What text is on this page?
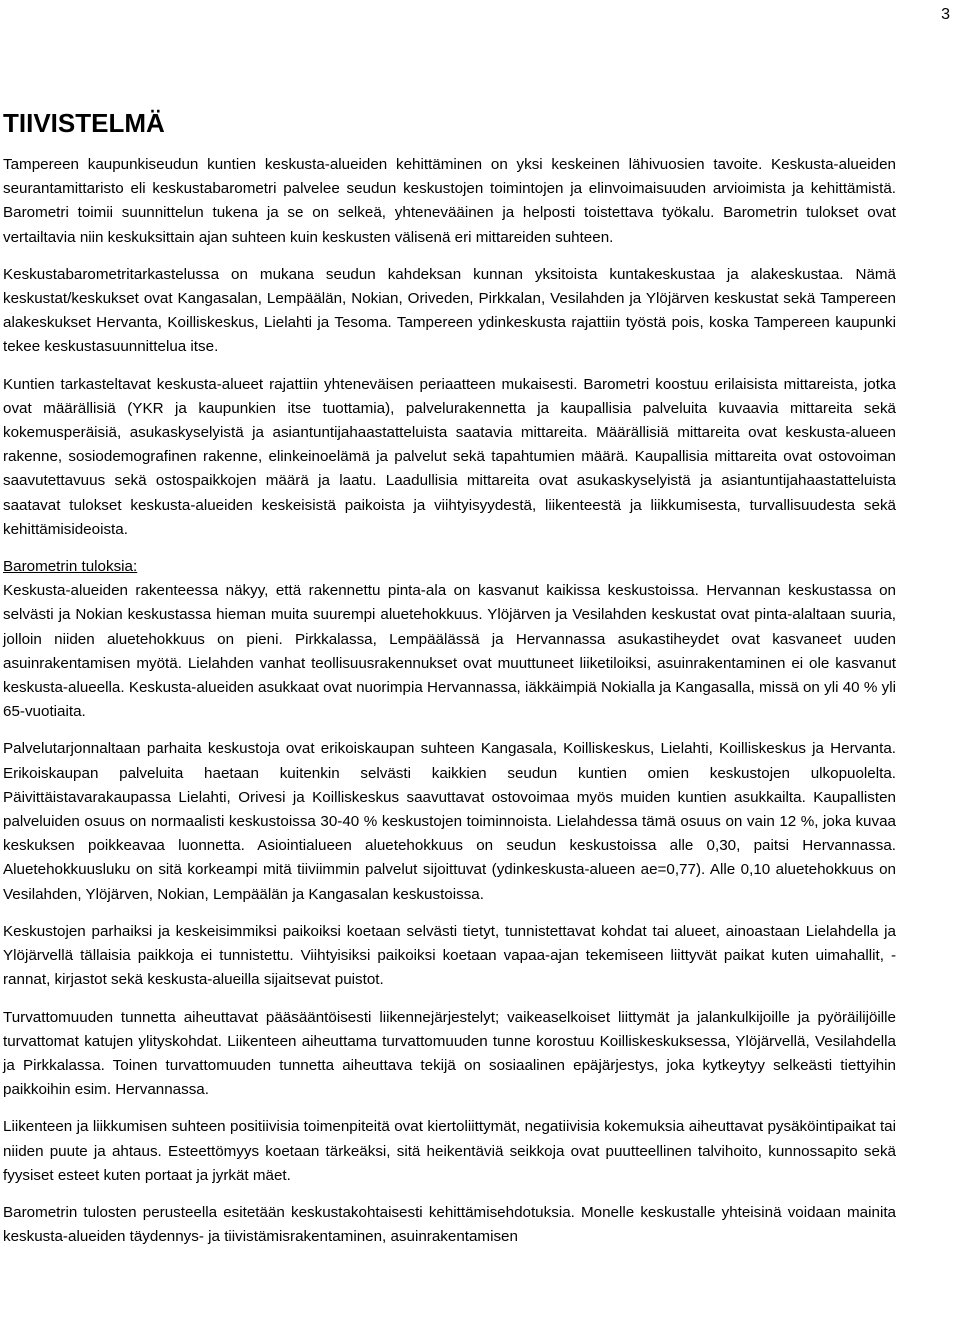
3
TIIVISTELMÄ

Tampereen kaupunkiseudun kuntien keskusta-alueiden kehittäminen on yksi keskeinen lähivuosien tavoite. Keskusta-alueiden seurantamittaristo eli keskustabarometri palvelee seudun keskustojen toimintojen ja elinvoimaisuuden arvioimista ja kehittämistä. Barometri toimii suunnittelun tukena ja se on selkeä, yhtenevääinen ja helposti toistettava työkalu. Barometrin tulokset ovat vertailtavia niin keskuksittain ajan suhteen kuin keskusten välisenä eri mittareiden suhteen.

Keskustabarometritarkastelussa on mukana seudun kahdeksan kunnan yksitoista kuntakeskustaa ja alakeskustaa. Nämä keskustat/keskukset ovat Kangasalan, Lempäälän, Nokian, Oriveden, Pirkkalan, Vesilahden ja Ylöjärven keskustat sekä Tampereen alakeskukset Hervanta, Koilliskeskus, Lielahti ja Tesoma. Tampereen ydinkeskusta rajattiin työstä pois, koska Tampereen kaupunki tekee keskustasuunnittelua itse.

Kuntien tarkasteltavat keskusta-alueet rajattiin yhteneväisen periaatteen mukaisesti. Barometri koostuu erilaisista mittareista, jotka ovat määrällisiä (YKR ja kaupunkien itse tuottamia), palvelurakennetta ja kaupallisia palveluita kuvaavia mittareita sekä kokemusperäisiä, asukaskyselyistä ja asiantuntijahaastatteluista saatavia mittareita. Määrällisiä mittareita ovat keskusta-alueen rakenne, sosiodemografinen rakenne, elinkeinoelämä ja palvelut sekä tapahtumien määrä. Kaupallisia mittareita ovat ostovoiman saavutettavuus sekä ostospaikkojen määrä ja laatu. Laadullisia mittareita ovat asukaskyselyistä ja asiantuntijahaastatteluista saatavat tulokset keskusta-alueiden keskeisistä paikoista ja viihtyisyydestä, liikenteestä ja liikkumisesta, turvallisuudesta sekä kehittämisideoista.

Barometrin tuloksia:

Keskusta-alueiden rakenteessa näkyy, että rakennettu pinta-ala on kasvanut kaikissa keskustoissa. Hervannan keskustassa on selvästi ja Nokian keskustassa hieman muita suurempi aluetehokkuus. Ylöjärven ja Vesilahden keskustat ovat pinta-alaltaan suuria, jolloin niiden aluetehokkuus on pieni. Pirkkalassa, Lempäälässä ja Hervannassa asukastiheydet ovat kasvaneet uuden asuinrakentamisen myötä. Lielahden vanhat teollisuusrakennukset ovat muuttuneet liiketiloiksi, asuinrakentaminen ei ole kasvanut keskusta-alueella. Keskusta-alueiden asukkaat ovat nuorimpia Hervannassa, iäkkäimpiä Nokialla ja Kangasalla, missä on yli 40 % yli 65-vuotiaita.

Palvelutarjonnaltaan parhaita keskustoja ovat erikoiskaupan suhteen Kangasala, Koilliskeskus, Lielahti, Koilliskeskus ja Hervanta. Erikoiskaupan palveluita haetaan kuitenkin selvästi kaikkien seudun kuntien omien keskustojen ulkopuolelta. Päivittäistavarakaupassa Lielahti, Orivesi ja Koilliskeskus saavuttavat ostovoimaa myös muiden kuntien asukkailta. Kaupallisten palveluiden osuus on normaalisti keskustoissa 30-40 % keskustojen toiminnoista. Lielahdessa tämä osuus on vain 12 %, joka kuvaa keskuksen poikkeavaa luonnetta. Asiointialueen aluetehokkuus on seudun keskustoissa alle 0,30, paitsi Hervannassa. Aluetehokkuusluku on sitä korkeampi mitä tiiviimmin palvelut sijoittuvat (ydinkeskusta-alueen ae=0,77). Alle 0,10 aluetehokkuus on Vesilahden, Ylöjärven, Nokian, Lempäälän ja Kangasalan keskustoissa.

Keskustojen parhaiksi ja keskeisimmiksi paikoiksi koetaan selvästi tietyt, tunnistettavat kohdat tai alueet, ainoastaan Lielahdella ja Ylöjärvellä tällaisia paikkoja ei tunnistettu. Viihtyisiksi paikoiksi koetaan vapaa-ajan tekemiseen liittyvät paikat kuten uimahallit, -rannat, kirjastot sekä keskusta-alueilla sijaitsevat puistot.

Turvattomuuden tunnetta aiheuttavat pääsääntöisesti liikennejärjestelyt; vaikeaselkoiset liittymät ja jalankulkijoille ja pyöräilijöille turvattomat katujen ylityskohdat. Liikenteen aiheuttama turvattomuuden tunne korostuu Koilliskeskuksessa, Ylöjärvellä, Vesilahdella ja Pirkkalassa. Toinen turvattomuuden tunnetta aiheuttava tekijä on sosiaalinen epäjärjestys, joka kytkeytyy selkeästi tiettyihin paikkoihin esim. Hervannassa.

Liikenteen ja liikkumisen suhteen positiivisia toimenpiteitä ovat kiertoliittymät, negatiivisia kokemuksia aiheuttavat pysäköintipaikat tai niiden puute ja ahtaus. Esteettömyys koetaan tärkeäksi, sitä heikentäviä seikkoja ovat puutteellinen talvihoito, kunnossapito sekä fyysiset esteet kuten portaat ja jyrkät mäet.

Barometrin tulosten perusteella esitetään keskustakohtaisesti kehittämisehdotuksia. Monelle keskustalle yhteisinä voidaan mainita keskusta-alueiden täydennys- ja tiivistämisrakentaminen, asuinrakentamisen
